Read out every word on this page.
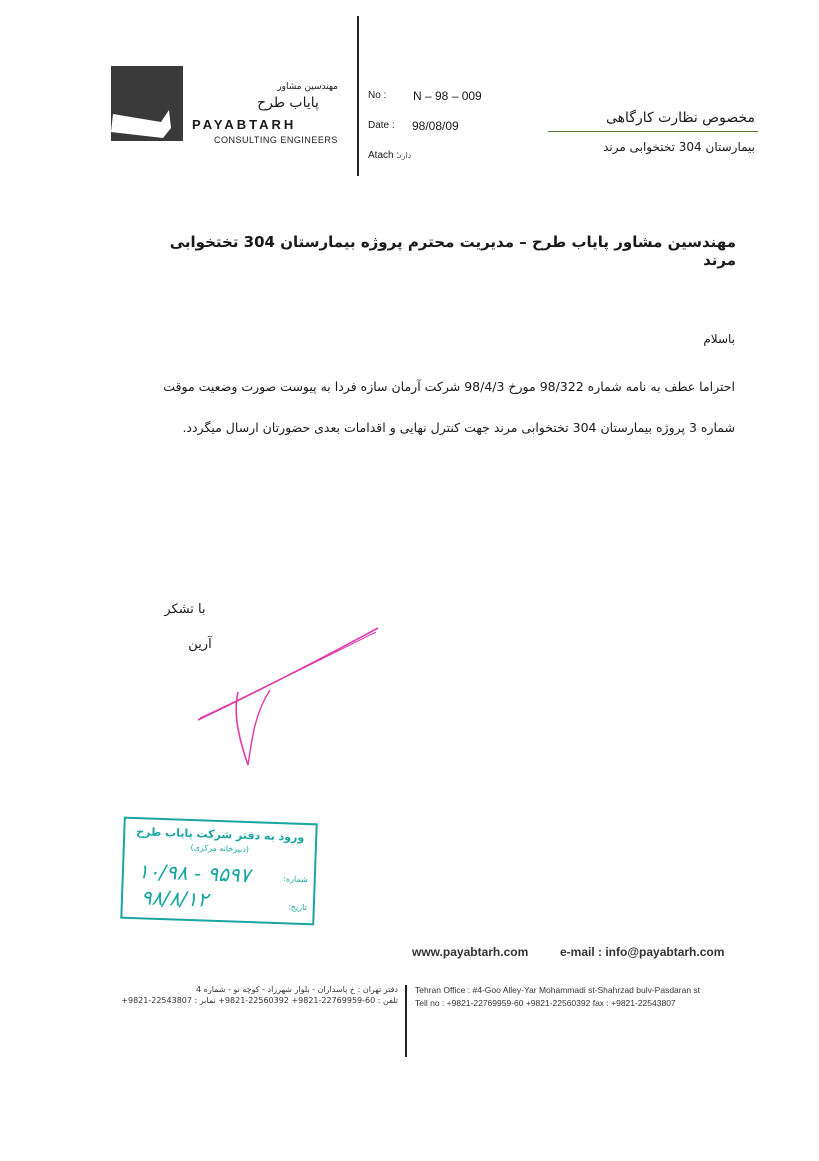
مهندسین مشاور
پایاب طرح
PAYABTARH
CONSULTING ENGINEERS
No : N – 98 – 009
Date : 98/08/09
Atach :
دارد
مخصوص نظارت کارگاهی
بیمارستان 304 تختخوابی مرند
مهندسین مشاور پایاب طرح – مدیریت محترم پروژه بیمارستان 304 تختخوابی مرند
باسلام
احتراما عطف به نامه شماره 98/322 مورخ 98/4/3 شرکت آرمان سازه فردا به پیوست صورت وضعیت موقت
شماره 3 پروژه بیمارستان 304 تختخوابی مرند جهت کنترل نهایی و اقدامات بعدی حضورتان ارسال میگردد.
با تشکر
آرین
ورود به دفتر شرکت پایاب طرح
(دبیرخانه مرکزی)
شماره:
۱۰/۹۸ - ۹۵۹۷
تاریخ:
۹۸/۸/۱۲
www.payabtarh.com	e-mail : info@payabtarh.com
دفتر تهران : خ پاسداران - بلوار شهرزاد - کوچه نو - شماره 4
تلفن : 60-22769959-9821+ 22560392-9821+ نمابر : 22543807-9821+
Tehran Office : #4-Goo Alley-Yar Mohammadi st-Shahrzad bulv-Pasdaran st
Tell no : +9821-22769959-60 +9821-22560392 fax : +9821-22543807
